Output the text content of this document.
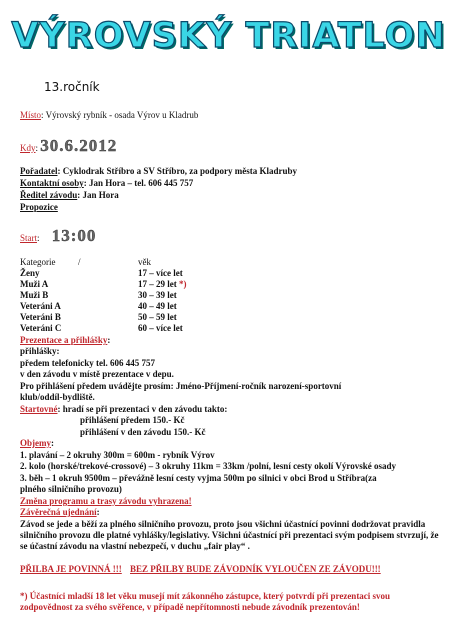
VÝROVSKÝ TRIATLON
13.ročník
Místo: Výrovský rybník - osada Výrov u Kladrub
Kdy: 30.6.2012
Pořadatel: Cyklodrak Stříbro a SV Stříbro, za podpory města Kladruby
Kontaktní osoby: Jan Hora – tel. 606 445 757
Ředitel závodu: Jan Hora
Propozice
Start: 13:00
Kategorie	/	věk
Ženy	17 – více let
Muži A	17 – 29 let *)
Muži B	30 – 39 let
Veteráni A	40 – 49 let
Veteráni B	50 – 59 let
Veteráni C	60 – více let
Prezentace a přihlášky:
přihlášky:
předem telefonicky tel. 606 445 757
v den závodu v místě prezentace v depu.
Pro přihlášení předem uvádějte prosím: Jméno-Příjmení-ročník narození-sportovní
klub/oddíl-bydliště.
Startovné: hradí se při prezentaci v den závodu takto:
přihlášení předem 150.- Kč
přihlášení v den závodu 150.- Kč
Objemy:
1. plavání – 2 okruhy 300m = 600m - rybník Výrov
2. kolo (horské/trekové-crossové) – 3 okruhy 11km = 33km /polní, lesní cesty okolí Výrovské osady
3. běh – 1 okruh 9500m – převážně lesní cesty vyjma 500m po silnici v obci Brod u Stříbra(za
plného silničního provozu)
Změna programu a trasy závodu vyhrazena!
Závěrečná ujednání:
Závod se jede a běží za plného silničního provozu, proto jsou všichni účastnící povinni dodržovat pravidla silničního provozu dle platné vyhlášky/legislativy. Všichni účastnící při prezentaci svým podpisem stvrzují, že se účastní závodu na vlastní nebezpečí, v duchu „fair play“ .
PŘILBA JE POVINNÁ !!! BEZ PŘILBY BUDE ZÁVODNÍK VYLOUČEN ZE ZÁVODU!!!
*) Účastníci mladší 18 let věku musejí mít zákonného zástupce, který potvrdí při prezentaci svou zodpovědnost za svého svěřence, v případě nepřítomnosti nebude závodník prezentován!
